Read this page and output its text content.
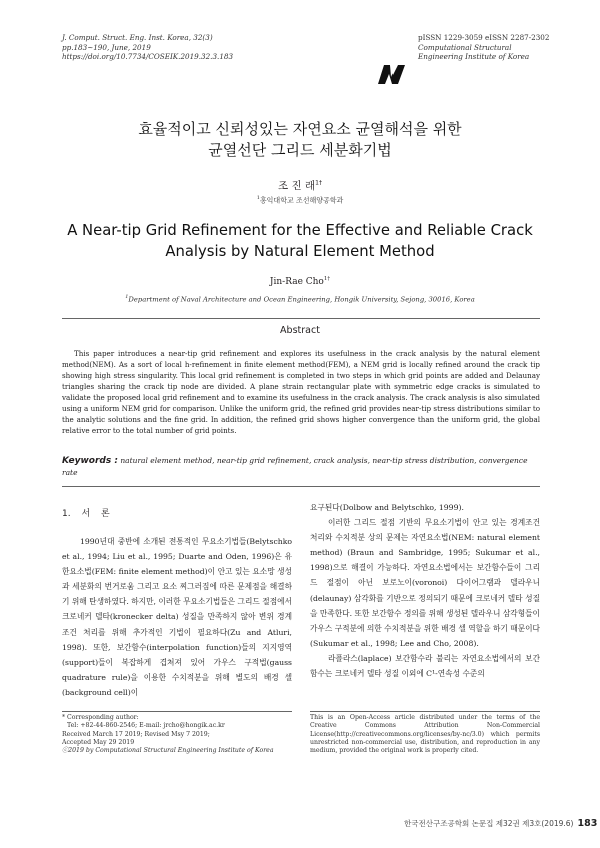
J. Comput. Struct. Eng. Inst. Korea, 32(3)
pp.183~190, June, 2019
https://doi.org/10.7734/COSEIK.2019.32.3.183
pISSN 1229-3059 eISSN 2287-2302
Computational Structural
Engineering Institute of Korea
효율적이고 신뢰성있는 자연요소 균열해석을 위한
균열선단 그리드 세분화기법
조 진 래$^{1\dagger}$
$^1$홍익대학교 조선해양공학과
A Near-tip Grid Refinement for the Effective and Reliable Crack
Analysis by Natural Element Method
Jin-Rae Cho$^{1\dagger}$
$^1$Department of Naval Architecture and Ocean Engineering, Hongik University, Sejong, 30016, Korea
Abstract
This paper introduces a near-tip grid refinement and explores its usefulness in the crack analysis by the natural element method(NEM). As a sort of local h-refinement in finite element method(FEM), a NEM grid is locally refined around the crack tip showing high stress singularity. This local grid refinement is completed in two steps in which grid points are added and Delaunay triangles sharing the crack tip node are divided. A plane strain rectangular plate with symmetric edge cracks is simulated to validate the proposed local grid refinement and to examine its usefulness in the crack analysis. The crack analysis is also simulated using a uniform NEM grid for comparison. Unlike the uniform grid, the refined grid provides near-tip stress distributions similar to the analytic solutions and the fine grid. In addition, the refined grid shows higher convergence than the uniform grid, the global relative error to the total number of grid points.
Keywords : natural element method, near-tip grid refinement, crack analysis, near-tip stress distribution, convergence rate
1. 서 론

1990년대 중반에 소개된 전통적인 무요소기법들(Belytschko et al., 1994; Liu et al., 1995; Duarte and Oden, 1996)은 유한요소법(FEM: finite element method)이 안고 있는 요소망 생성과 세분화의 번거로움 그리고 요소 찌그러짐에 따른 문제점을 해결하기 위해 탄생하였다. 하지만, 이러한 무요소기법들은 그리드 절점에서 크로네커 델타(kronecker delta) 성질을 만족하지 않아 변위 경계조건 처리를 위해 추가적인 기법이 필요하다(Zu and Atluri, 1998). 또한, 보간함수(interpolation function)들의 지지영역(support)들이 복잡하게 겹쳐져 있어 가우스 구적법(gauss quadrature rule)을 이용한 수치적분을 위해 별도의 배경 셀(background cell)이

요구된다(Dolbow and Belytschko, 1999).

이러한 그리드 절점 기반의 무요소기법이 안고 있는 경계조건 처리와 수치적분 상의 문제는 자연요소법(NEM: natural element method) (Braun and Sambridge, 1995; Sukumar et al., 1998)으로 해결이 가능하다. 자연요소법에서는 보간함수들이 그리드 절점이 아닌 보로노이(voronoi) 다이어그램과 델라우니(delaunay) 삼각화를 기반으로 정의되기 때문에 크로네커 델타 성질을 만족한다. 또한 보간함수 정의를 위해 생성된 델라우니 삼각형들이 가우스 구적분에 의한 수치적분을 위한 배경 셀 역할을 하기 때문이다(Sukumar et al., 1998; Lee and Cho, 2008).

라플라스(laplace) 보간함수라 불리는 자연요소법에서의 보간함수는 크로네커 델타 성질 이외에 C¹-연속성 수준의

* Corresponding author:
Tel: +82-44-860-2546; E-mail: jrcho@hongik.ac.kr
Received March 17 2019; Revised Msy 7 2019;
Accepted May 29 2019
ⓒ2019 by Computational Structural Engineering Institute of Korea
This is an Open-Access article distributed under the terms of the Creative Commons Attribution Non-Commercial License(http://creativecommons.org/licenses/by-nc/3.0) which permits unrestricted non-commercial use, distribution, and reproduction in any medium, provided the original work is properly cited.
한국전산구조공학회 논문집 제32권 제3호(2019.6) 183
